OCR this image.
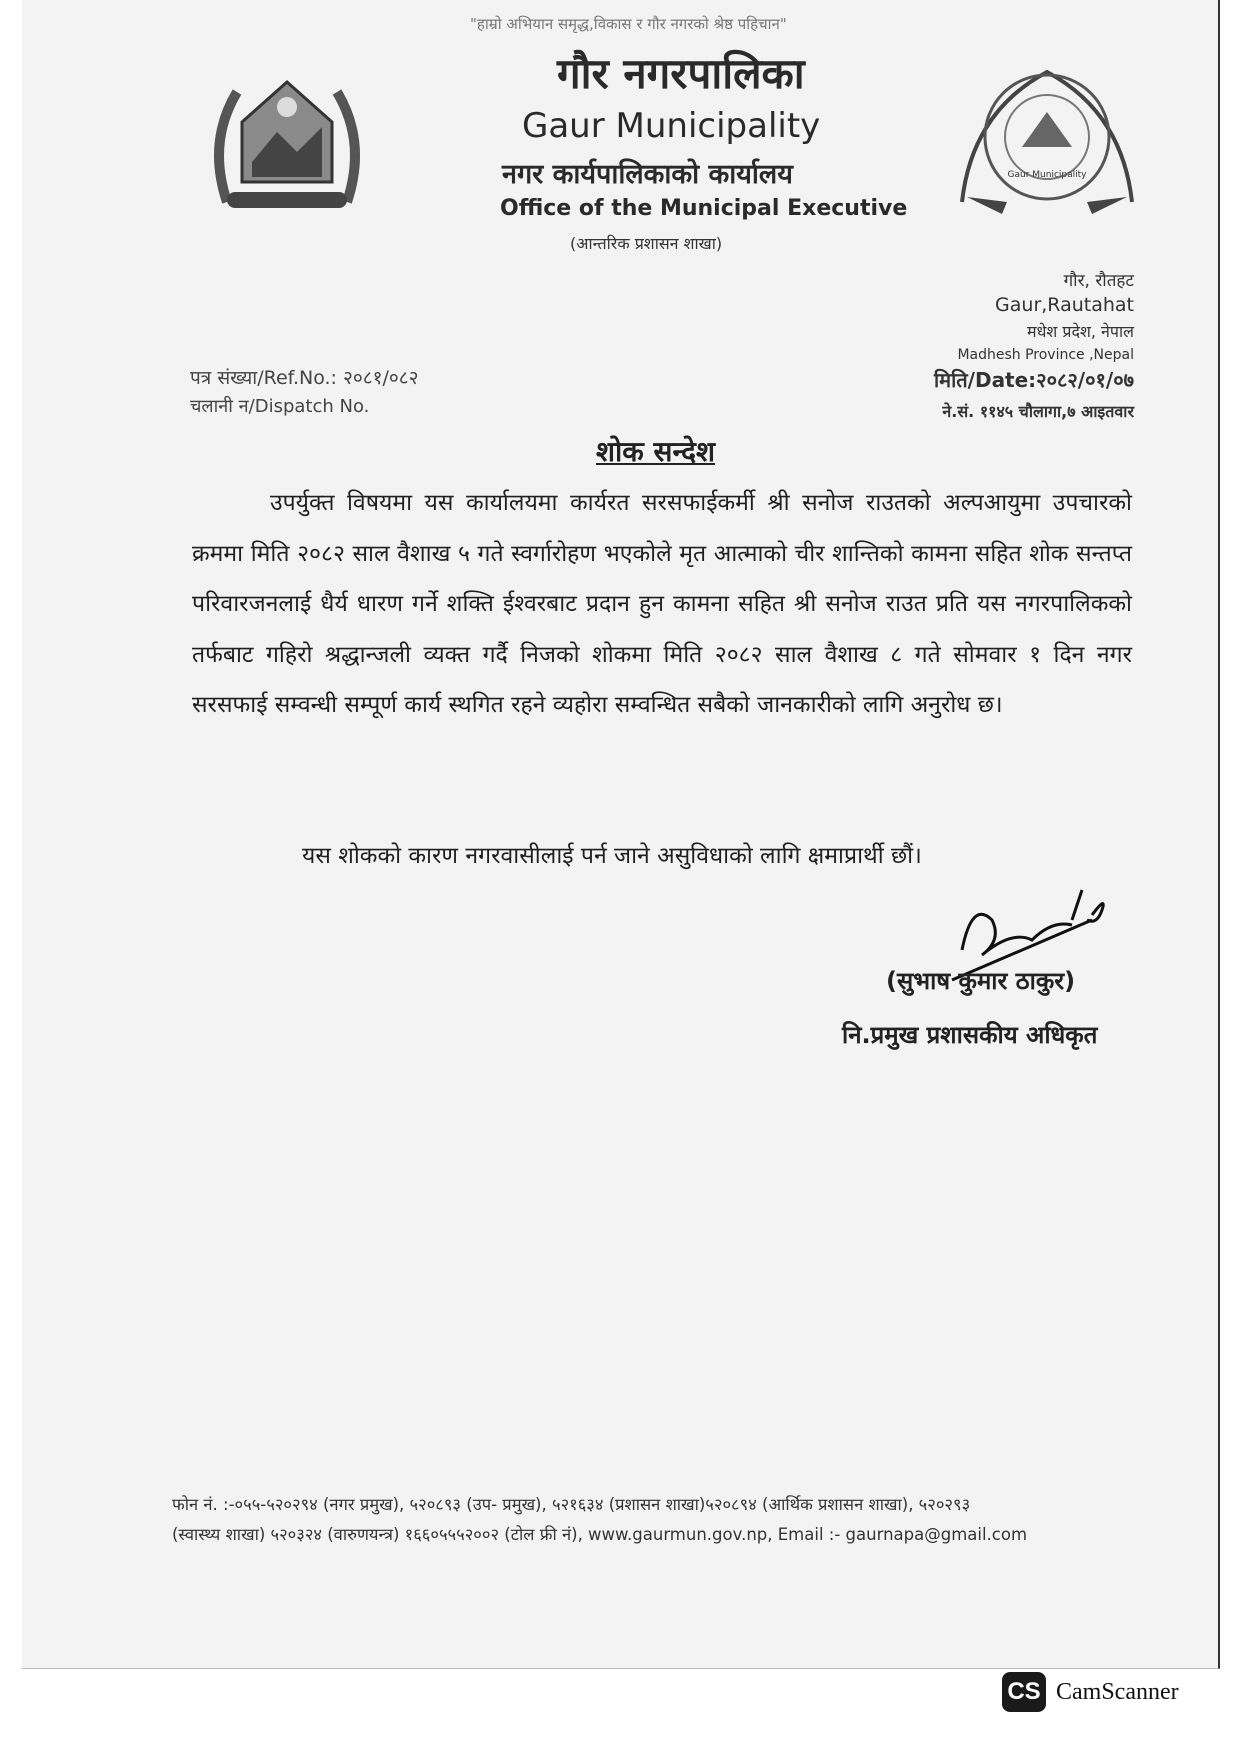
"हाम्रो अभियान समृद्ध,विकास र गौर नगरको श्रेष्ठ पहिचान"
गौर नगरपालिका
Gaur Municipality
नगर कार्यपालिकाको कार्यालय
Office of the Municipal Executive
(आन्तरिक प्रशासन शाखा)
Gaur Municipality
गौर, रौतहट
Gaur,Rautahat
मधेश प्रदेश, नेपाल
Madhesh Province ,Nepal
मिति/Date:२०८२/०१/०७
ने.सं. ११४५ चौलागा,७ आइतवार
पत्र संख्या/Ref.No.: २०८१/०८२
चलानी न/Dispatch No.
शोक सन्देश
उपर्युक्त विषयमा यस कार्यालयमा कार्यरत सरसफाईकर्मी श्री सनोज राउतको अल्पआयुमा उपचारको क्रममा मिति २०८२ साल वैशाख ५ गते स्वर्गारोहण भएकोले मृत आत्माको चीर शान्तिको कामना सहित शोक सन्तप्त परिवारजनलाई धैर्य धारण गर्ने शक्ति ईश्वरबाट प्रदान हुन कामना सहित श्री सनोज राउत प्रति यस नगरपालिकको तर्फबाट गहिरो श्रद्धान्जली व्यक्त गर्दै निजको शोकमा मिति २०८२ साल वैशाख ८ गते सोमवार १ दिन नगर सरसफाई सम्वन्धी सम्पूर्ण कार्य स्थगित रहने व्यहोरा सम्वन्धित सबैको जानकारीको लागि अनुरोध छ।
यस शोकको कारण नगरवासीलाई पर्न जाने असुविधाको लागि क्षमाप्रार्थी छौं।
(सुभाष कुमार ठाकुर)
नि.प्रमुख प्रशासकीय अधिकृत
फोन नं. :-०५५-५२०२९४ (नगर प्रमुख), ५२०८९३ (उप- प्रमुख), ५२१६३४ (प्रशासन शाखा)५२०८९४ (आर्थिक प्रशासन शाखा), ५२०२९३
(स्वास्थ्य शाखा) ५२०३२४ (वारुणयन्त्र) १६६०५५५२००२ (टोल फ्री नं), www.gaurmun.gov.np, Email :- gaurnapa@gmail.com
CS CamScanner
